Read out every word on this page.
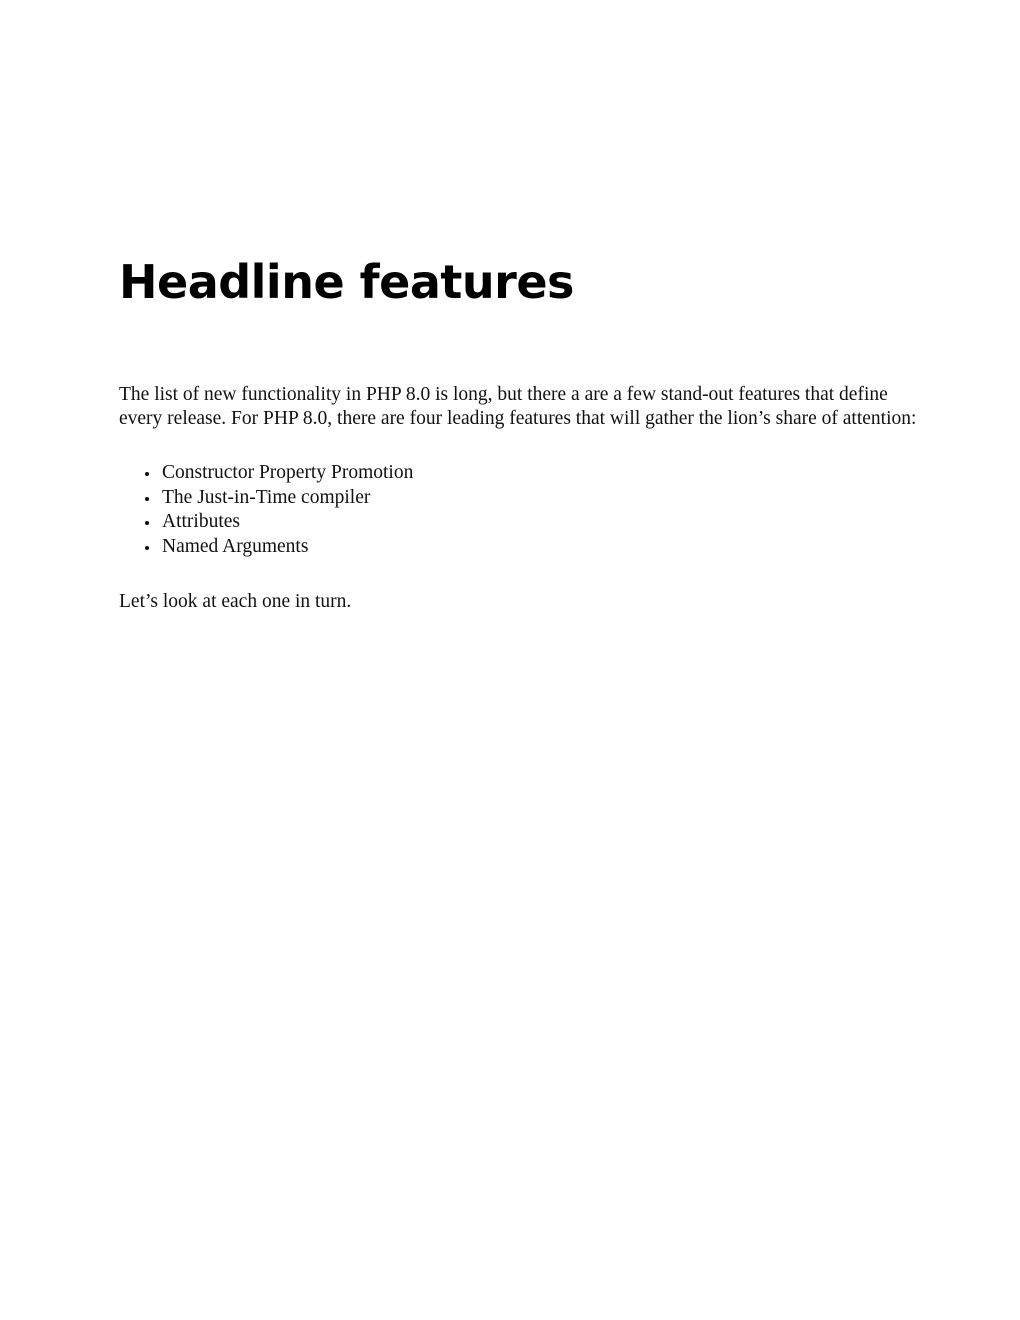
Headline features

The list of new functionality in PHP 8.0 is long, but there a are a few stand-out features that define
every release. For PHP 8.0, there are four leading features that will gather the lion’s share of attention:

Constructor Property Promotion
The Just-in-Time compiler
Attributes
Named Arguments

Let’s look at each one in turn.
